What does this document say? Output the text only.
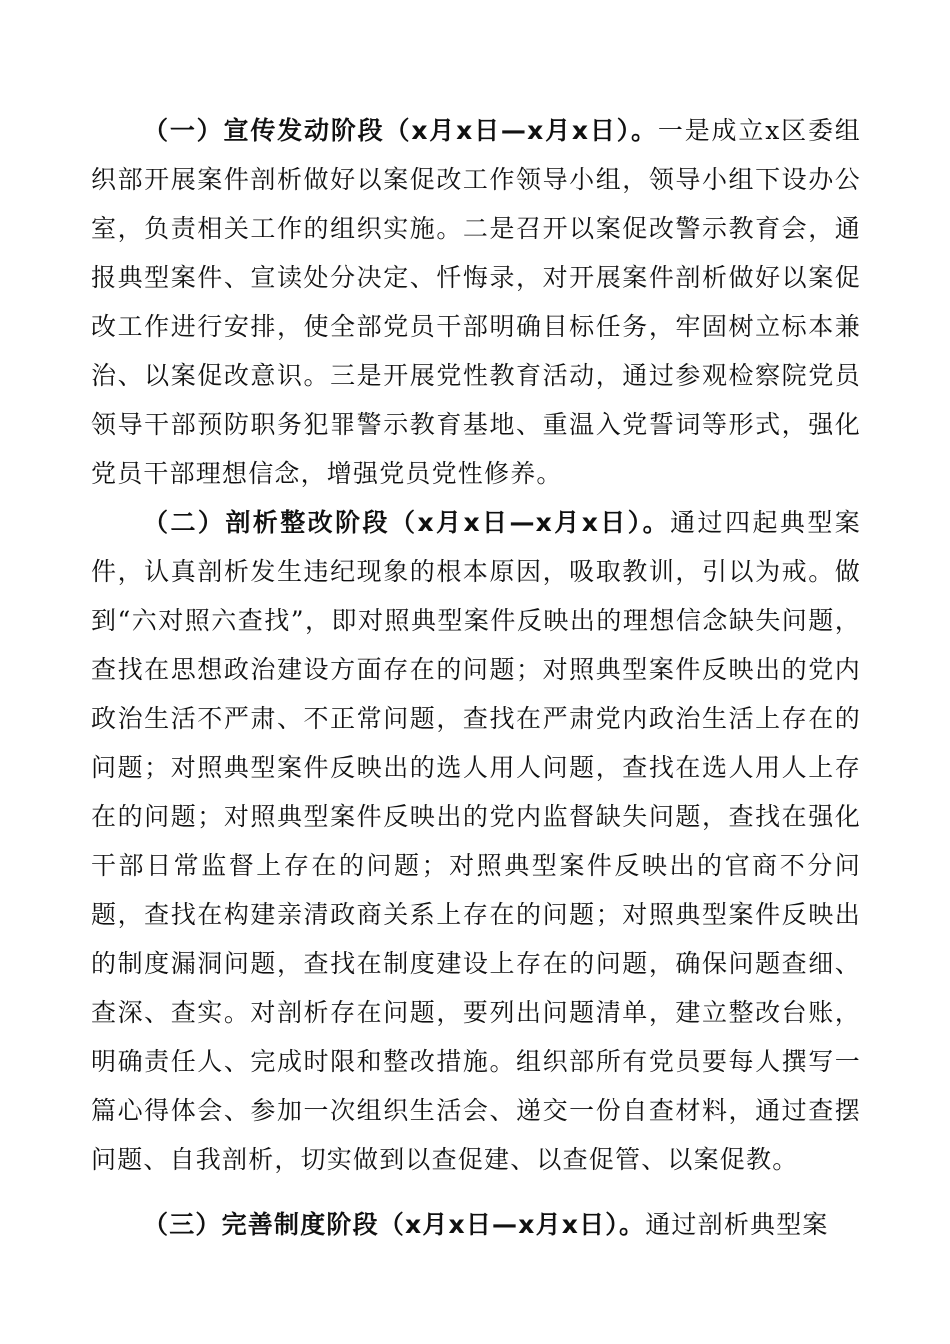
（一）宣传发动阶段（x月x日—x月x日）。一是成立x区委组织部开展案件剖析做好以案促改工作领导小组，领导小组下设办公室，负责相关工作的组织实施。二是召开以案促改警示教育会，通报典型案件、宣读处分决定、忏悔录，对开展案件剖析做好以案促改工作进行安排，使全部党员干部明确目标任务，牢固树立标本兼治、以案促改意识。三是开展党性教育活动，通过参观检察院党员领导干部预防职务犯罪警示教育基地、重温入党誓词等形式，强化党员干部理想信念，增强党员党性修养。

（二）剖析整改阶段（x月x日—x月x日）。通过四起典型案件，认真剖析发生违纪现象的根本原因，吸取教训，引以为戒。做到“六对照六查找”，即对照典型案件反映出的理想信念缺失问题，查找在思想政治建设方面存在的问题；对照典型案件反映出的党内政治生活不严肃、不正常问题，查找在严肃党内政治生活上存在的问题；对照典型案件反映出的选人用人问题，查找在选人用人上存在的问题；对照典型案件反映出的党内监督缺失问题，查找在强化干部日常监督上存在的问题；对照典型案件反映出的官商不分问题，查找在构建亲清政商关系上存在的问题；对照典型案件反映出的制度漏洞问题，查找在制度建设上存在的问题，确保问题查细、查深、查实。对剖析存在问题，要列出问题清单，建立整改台账，明确责任人、完成时限和整改措施。组织部所有党员要每人撰写一篇心得体会、参加一次组织生活会、递交一份自查材料，通过查摆问题、自我剖析，切实做到以查促建、以查促管、以案促教。

（三）完善制度阶段（x月x日—x月x日）。通过剖析典型案
